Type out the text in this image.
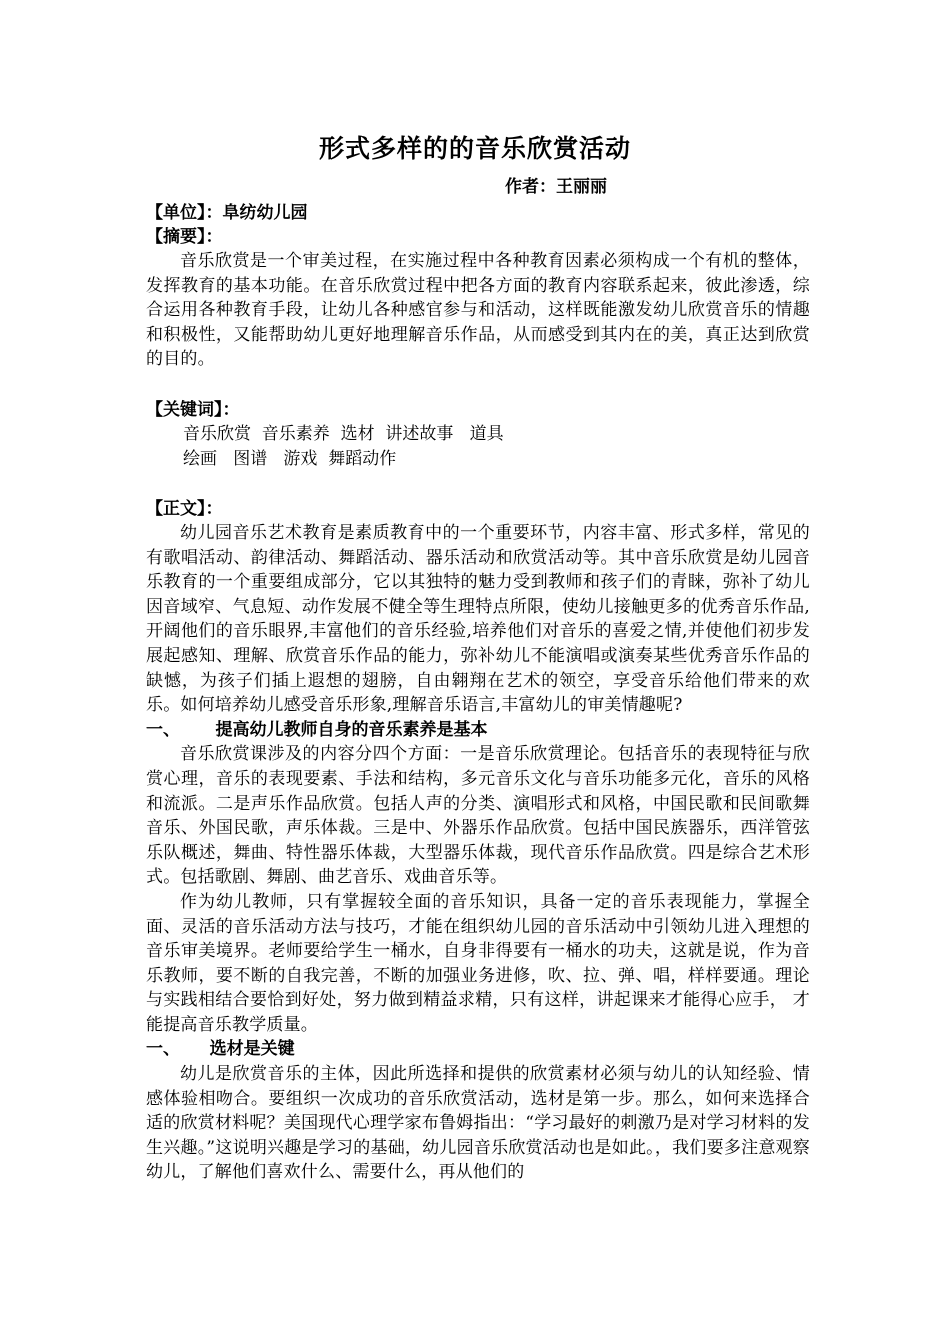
形式多样的的音乐欣赏活动
作者：王丽丽
【单位】：阜纺幼儿园
【摘要】：

音乐欣赏是一个审美过程，在实施过程中各种教育因素必须构成一个有机的整体，发挥教育的基本功能。在音乐欣赏过程中把各方面的教育内容联系起来，彼此渗透，综合运用各种教育手段，让幼儿各种感官参与和活动，这样既能激发幼儿欣赏音乐的情趣和积极性，又能帮助幼儿更好地理解音乐作品，从而感受到其内在的美，真正达到欣赏的目的。

【关键词】：

音乐欣赏  音乐素养  选材  讲述故事   道具

绘画   图谱   游戏  舞蹈动作

【正文】：

幼儿园音乐艺术教育是素质教育中的一个重要环节，内容丰富、形式多样，常见的有歌唱活动、韵律活动、舞蹈活动、器乐活动和欣赏活动等。其中音乐欣赏是幼儿园音乐教育的一个重要组成部分，它以其独特的魅力受到教师和孩子们的青睐，弥补了幼儿因音域窄、气息短、动作发展不健全等生理特点所限，使幼儿接触更多的优秀音乐作品,开阔他们的音乐眼界,丰富他们的音乐经验,培养他们对音乐的喜爱之情,并使他们初步发展起感知、理解、欣赏音乐作品的能力，弥补幼儿不能演唱或演奏某些优秀音乐作品的缺憾，为孩子们插上遐想的翅膀，自由翱翔在艺术的领空，享受音乐给他们带来的欢乐。如何培养幼儿感受音乐形象,理解音乐语言,丰富幼儿的审美情趣呢?

一、      提高幼儿教师自身的音乐素养是基本

音乐欣赏课涉及的内容分四个方面：一是音乐欣赏理论。包括音乐的表现特征与欣赏心理，音乐的表现要素、手法和结构，多元音乐文化与音乐功能多元化，音乐的风格和流派。二是声乐作品欣赏。包括人声的分类、演唱形式和风格，中国民歌和民间歌舞音乐、外国民歌，声乐体裁。三是中、外器乐作品欣赏。包括中国民族器乐，西洋管弦乐队概述，舞曲、特性器乐体裁，大型器乐体裁，现代音乐作品欣赏。四是综合艺术形式。包括歌剧、舞剧、曲艺音乐、戏曲音乐等。

作为幼儿教师，只有掌握较全面的音乐知识，具备一定的音乐表现能力，掌握全面、灵活的音乐活动方法与技巧，才能在组织幼儿园的音乐活动中引领幼儿进入理想的音乐审美境界。老师要给学生一桶水，自身非得要有一桶水的功夫，这就是说，作为音乐教师，要不断的自我完善，不断的加强业务进修，吹、拉、弹、唱，样样要通。理论与实践相结合要恰到好处，努力做到精益求精，只有这样，讲起课来才能得心应手， 才能提高音乐教学质量。

一、     选材是关键

幼儿是欣赏音乐的主体，因此所选择和提供的欣赏素材必须与幼儿的认知经验、情感体验相吻合。要组织一次成功的音乐欣赏活动，选材是第一步。那么，如何来选择合适的欣赏材料呢？美国现代心理学家布鲁姆指出：“学习最好的刺激乃是对学习材料的发生兴趣。”这说明兴趣是学习的基础，幼儿园音乐欣赏活动也是如此。，我们要多注意观察幼儿，了解他们喜欢什么、需要什么，再从他们的
